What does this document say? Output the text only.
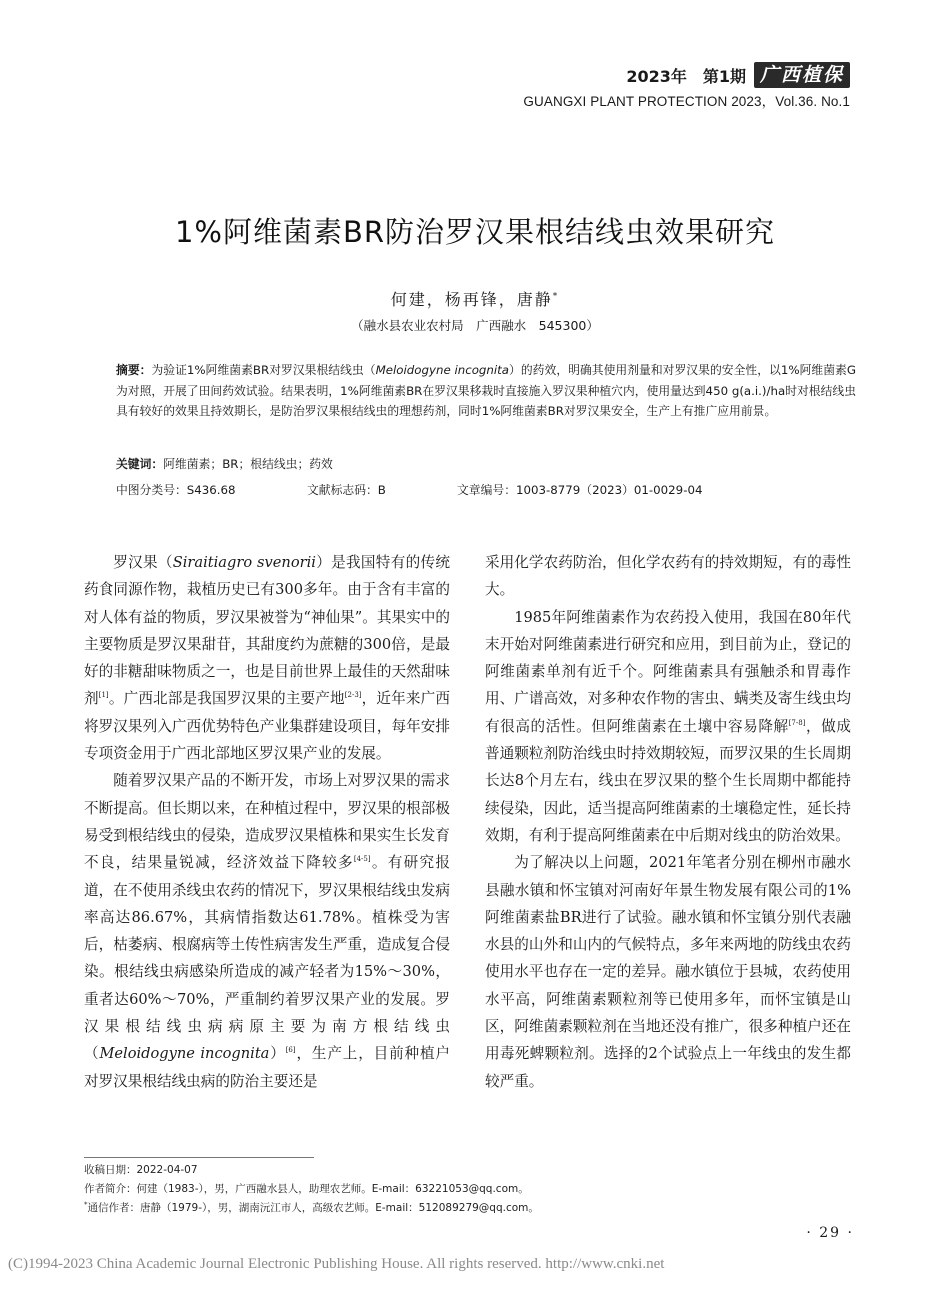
2023年　第1期 广西植保
GUANGXI PLANT PROTECTION 2023，Vol.36. No.1
1%阿维菌素BR防治罗汉果根结线虫效果研究
何建，杨再锋，唐静*
（融水县农业农村局　广西融水　545300）
摘要：为验证1%阿维菌素BR对罗汉果根结线虫（Meloidogyne incognita）的药效，明确其使用剂量和对罗汉果的安全性，以1%阿维菌素G为对照，开展了田间药效试验。结果表明，1%阿维菌素BR在罗汉果移栽时直接施入罗汉果种植穴内，使用量达到450 g(a.i.)/ha时对根结线虫具有较好的效果且持效期长，是防治罗汉果根结线虫的理想药剂，同时1%阿维菌素BR对罗汉果安全，生产上有推广应用前景。
关键词：阿维菌素；BR；根结线虫；药效
中图分类号：S436.68	文献标志码：B	文章编号：1003-8779（2023）01-0029-04

罗汉果（Siraitiagro svenorii）是我国特有的传统药食同源作物，栽植历史已有300多年。由于含有丰富的对人体有益的物质，罗汉果被誉为“神仙果”。其果实中的主要物质是罗汉果甜苷，其甜度约为蔗糖的300倍，是最好的非糖甜味物质之一，也是目前世界上最佳的天然甜味剂[1]。广西北部是我国罗汉果的主要产地[2-3]，近年来广西将罗汉果列入广西优势特色产业集群建设项目，每年安排专项资金用于广西北部地区罗汉果产业的发展。

随着罗汉果产品的不断开发，市场上对罗汉果的需求不断提高。但长期以来，在种植过程中，罗汉果的根部极易受到根结线虫的侵染，造成罗汉果植株和果实生长发育不良，结果量锐减，经济效益下降较多[4-5]。有研究报道，在不使用杀线虫农药的情况下，罗汉果根结线虫发病率高达86.67%，其病情指数达61.78%。植株受为害后，枯萎病、根腐病等土传性病害发生严重，造成复合侵染。根结线虫病感染所造成的减产轻者为15%～30%，重者达60%～70%，严重制约着罗汉果产业的发展。罗汉果根结线虫病病原主要为南方根结线虫（Meloidogyne incognita）[6]，生产上，目前种植户对罗汉果根结线虫病的防治主要还是

采用化学农药防治，但化学农药有的持效期短，有的毒性大。

1985年阿维菌素作为农药投入使用，我国在80年代末开始对阿维菌素进行研究和应用，到目前为止，登记的阿维菌素单剂有近千个。阿维菌素具有强触杀和胃毒作用、广谱高效，对多种农作物的害虫、螨类及寄生线虫均有很高的活性。但阿维菌素在土壤中容易降解[7-8]，做成普通颗粒剂防治线虫时持效期较短，而罗汉果的生长周期长达8个月左右，线虫在罗汉果的整个生长周期中都能持续侵染，因此，适当提高阿维菌素的土壤稳定性，延长持效期，有利于提高阿维菌素在中后期对线虫的防治效果。

为了解决以上问题，2021年笔者分别在柳州市融水县融水镇和怀宝镇对河南好年景生物发展有限公司的1%阿维菌素盐BR进行了试验。融水镇和怀宝镇分别代表融水县的山外和山内的气候特点，多年来两地的防线虫农药使用水平也存在一定的差异。融水镇位于县城，农药使用水平高，阿维菌素颗粒剂等已使用多年，而怀宝镇是山区，阿维菌素颗粒剂在当地还没有推广，很多种植户还在用毒死蜱颗粒剂。选择的2个试验点上一年线虫的发生都较严重。

收稿日期：2022-04-07
作者简介：何建（1983-），男，广西融水县人，助理农艺师。E-mail：63221053@qq.com。
*通信作者：唐静（1979-），男，湖南沅江市人，高级农艺师。E-mail：512089279@qq.com。
· 29 ·
(C)1994-2023 China Academic Journal Electronic Publishing House. All rights reserved. http://www.cnki.net
